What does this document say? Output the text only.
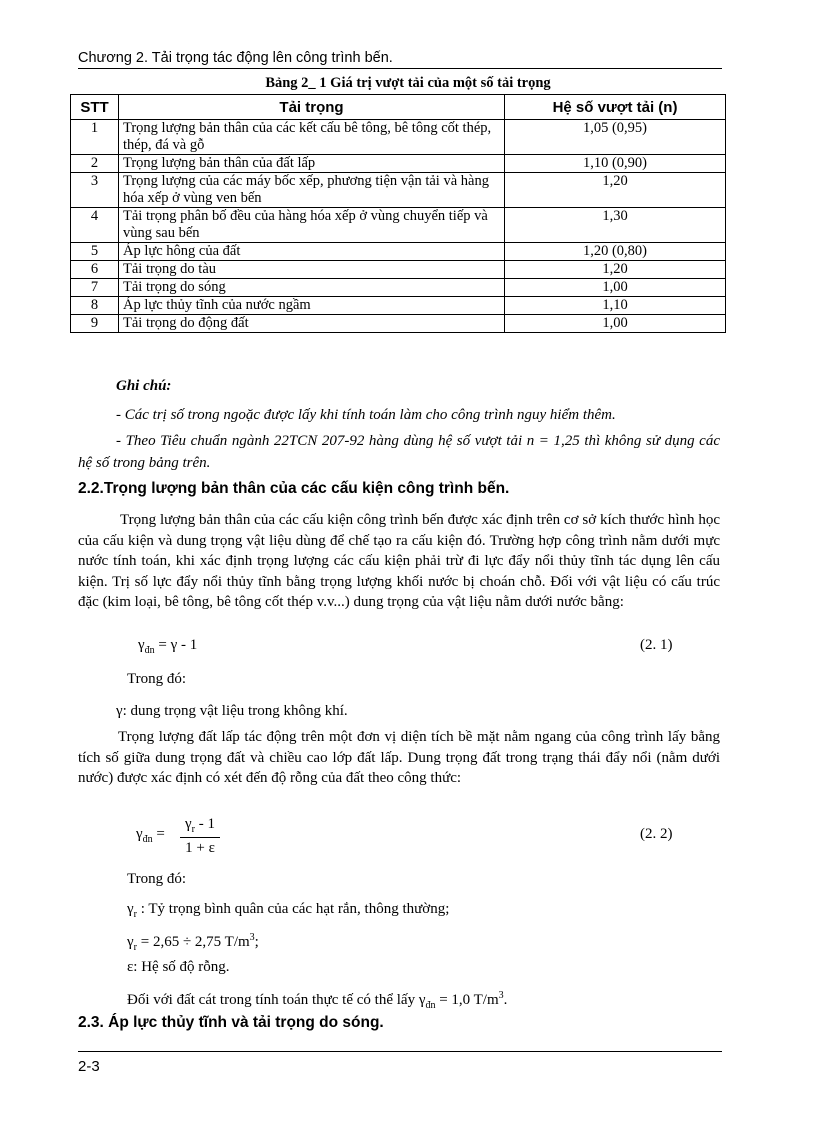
Chương 2. Tải trọng tác động lên công trình bến.
Bảng 2_ 1 Giá trị vượt tải của một số tải trọng
STT	Tải trọng	Hệ số vượt tải (n)
1	Trọng lượng bản thân của các kết cấu bê tông, bê tông cốt thép, thép, đá và gỗ	1,05 (0,95)
2	Trọng lượng bản thân của đất lấp	1,10 (0,90)
3	Trọng lượng của các máy bốc xếp, phương tiện vận tải và hàng hóa xếp ở vùng ven bến	1,20
4	Tải trọng phân bố đều của hàng hóa xếp ở vùng chuyển tiếp và vùng sau bến	1,30
5	Áp lực hông của đất	1,20 (0,80)
6	Tải trọng do tàu	1,20
7	Tải trọng do sóng	1,00
8	Áp lực thủy tĩnh của nước ngầm	1,10
9	Tải trọng do động đất	1,00
Ghi chú:
- Các trị số trong ngoặc được lấy khi tính toán làm cho công trình nguy hiểm thêm.
- Theo Tiêu chuẩn ngành 22TCN 207-92 hàng dùng hệ số vượt tải n = 1,25 thì không sử dụng các hệ số trong bảng trên.
2.2.Trọng lượng bản thân của các cấu kiện công trình bến.
Trọng lượng bản thân của các cấu kiện công trình bến được xác định trên cơ sở kích thước hình học của cấu kiện và dung trọng vật liệu dùng để chế tạo ra cấu kiện đó. Trường hợp công trình nằm dưới mực nước tính toán, khi xác định trọng lượng các cấu kiện phải trừ đi lực đẩy nổi thủy tĩnh tác dụng lên cấu kiện. Trị số lực đẩy nổi thủy tĩnh bằng trọng lượng khối nước bị choán chỗ. Đối với vật liệu có cấu trúc đặc (kim loại, bê tông, bê tông cốt thép v.v...) dung trọng của vật liệu nằm dưới nước bằng:
$\gamma_{đn} = \gamma - 1$	(2. 1)
Trong đó:
γ: dung trọng vật liệu trong không khí.
Trọng lượng đất lấp tác động trên một đơn vị diện tích bề mặt nằm ngang của công trình lấy bằng tích số giữa dung trọng đất và chiều cao lớp đất lấp. Dung trọng đất trong trạng thái đẩy nổi (nằm dưới nước) được xác định có xét đến độ rỗng của đất theo công thức:
$\gamma_{đn} = \frac{\gamma_r - 1}{1 + \varepsilon}$	(2. 2)
Trong đó:
$\gamma_r$ : Tỷ trọng bình quân của các hạt rắn, thông thường;
$\gamma_r = 2,65 \div 2,75$ $T/m^3$;
ε: Hệ số độ rỗng.
Đối với đất cát trong tính toán thực tế có thể lấy $\gamma_{đn} = 1,0$ $T/m^3$.
2.3. Áp lực thủy tĩnh và tải trọng do sóng.
2-3
